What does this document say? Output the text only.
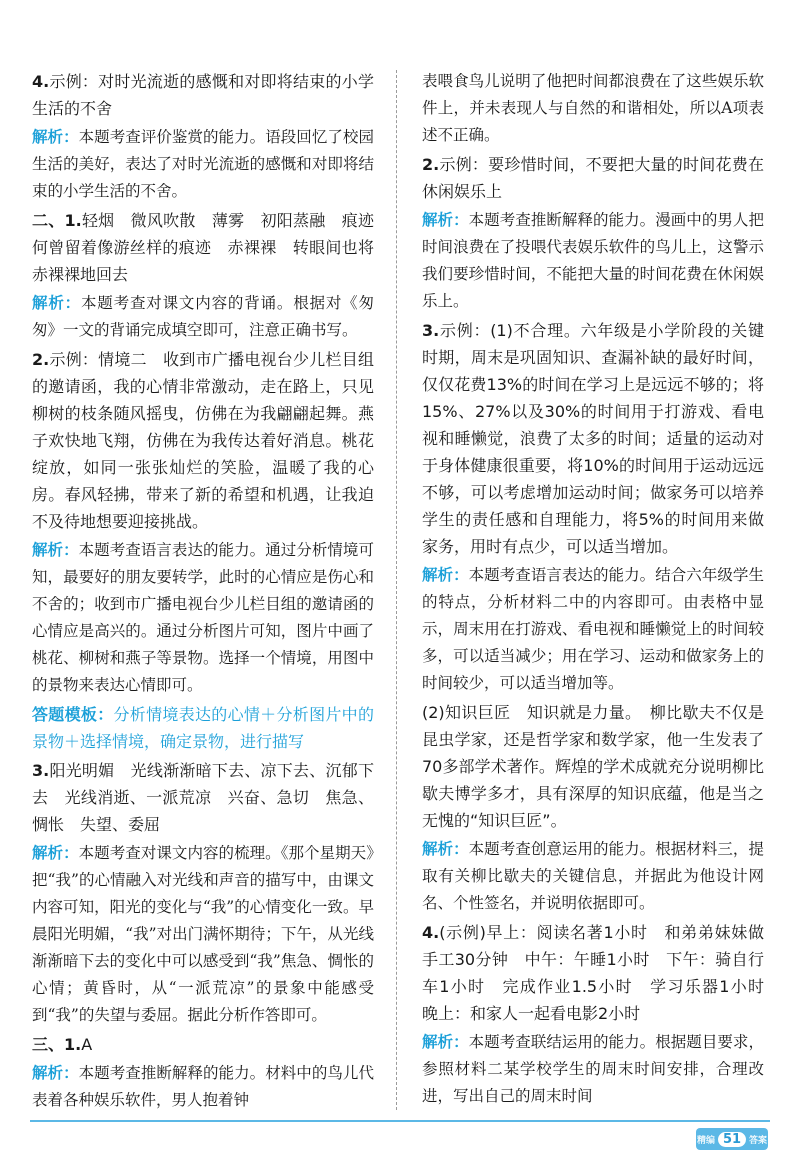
4.示例：对时光流逝的感慨和对即将结束的小学生活的不舍

解析：本题考查评价鉴赏的能力。语段回忆了校园生活的美好，表达了对时光流逝的感慨和对即将结束的小学生活的不舍。

二、1.轻烟　微风吹散　薄雾　初阳蒸融　痕迹　何曾留着像游丝样的痕迹　赤裸裸　转眼间也将赤裸裸地回去

解析：本题考查对课文内容的背诵。根据对《匆匆》一文的背诵完成填空即可，注意正确书写。

2.示例：情境二　收到市广播电视台少儿栏目组的邀请函，我的心情非常激动，走在路上，只见柳树的枝条随风摇曳，仿佛在为我翩翩起舞。燕子欢快地飞翔，仿佛在为我传达着好消息。桃花绽放，如同一张张灿烂的笑脸，温暖了我的心房。春风轻拂，带来了新的希望和机遇，让我迫不及待地想要迎接挑战。

解析：本题考查语言表达的能力。通过分析情境可知，最要好的朋友要转学，此时的心情应是伤心和不舍的；收到市广播电视台少儿栏目组的邀请函的心情应是高兴的。通过分析图片可知，图片中画了桃花、柳树和燕子等景物。选择一个情境，用图中的景物来表达心情即可。

答题模板：分析情境表达的心情＋分析图片中的景物＋选择情境，确定景物，进行描写

3.阳光明媚　光线渐渐暗下去、凉下去、沉郁下去　光线消逝、一派荒凉　兴奋、急切　焦急、惆怅　失望、委屈

解析：本题考查对课文内容的梳理。《那个星期天》把“我”的心情融入对光线和声音的描写中，由课文内容可知，阳光的变化与“我”的心情变化一致。早晨阳光明媚，“我”对出门满怀期待；下午，从光线渐渐暗下去的变化中可以感受到“我”焦急、惆怅的心情；黄昏时，从“一派荒凉”的景象中能感受到“我”的失望与委屈。据此分析作答即可。

三、1.A

解析：本题考查推断解释的能力。材料中的鸟儿代表着各种娱乐软件，男人抱着钟

表喂食鸟儿说明了他把时间都浪费在了这些娱乐软件上，并未表现人与自然的和谐相处，所以A项表述不正确。

2.示例：要珍惜时间，不要把大量的时间花费在休闲娱乐上

解析：本题考查推断解释的能力。漫画中的男人把时间浪费在了投喂代表娱乐软件的鸟儿上，这警示我们要珍惜时间，不能把大量的时间花费在休闲娱乐上。

3.示例：(1)不合理。六年级是小学阶段的关键时期，周末是巩固知识、查漏补缺的最好时间，仅仅花费13%的时间在学习上是远远不够的；将15%、27%以及30%的时间用于打游戏、看电视和睡懒觉，浪费了太多的时间；适量的运动对于身体健康很重要，将10%的时间用于运动远远不够，可以考虑增加运动时间；做家务可以培养学生的责任感和自理能力，将5%的时间用来做家务，用时有点少，可以适当增加。

解析：本题考查语言表达的能力。结合六年级学生的特点，分析材料二中的内容即可。由表格中显示，周末用在打游戏、看电视和睡懒觉上的时间较多，可以适当减少；用在学习、运动和做家务上的时间较少，可以适当增加等。

(2)知识巨匠　知识就是力量。　柳比歇夫不仅是昆虫学家，还是哲学家和数学家，他一生发表了70多部学术著作。辉煌的学术成就充分说明柳比歇夫博学多才，具有深厚的知识底蕴，他是当之无愧的“知识巨匠”。

解析：本题考查创意运用的能力。根据材料三，提取有关柳比歇夫的关键信息，并据此为他设计网名、个性签名，并说明依据即可。

4.(示例)早上：阅读名著1小时　和弟弟妹妹做手工30分钟　中午：午睡1小时　下午：骑自行车1小时　完成作业1.5小时　学习乐器1小时　晚上：和家人一起看电影2小时

解析：本题考查联结运用的能力。根据题目要求，参照材料二某学校学生的周末时间安排，合理改进，写出自己的周末时间

精编 51 答案
